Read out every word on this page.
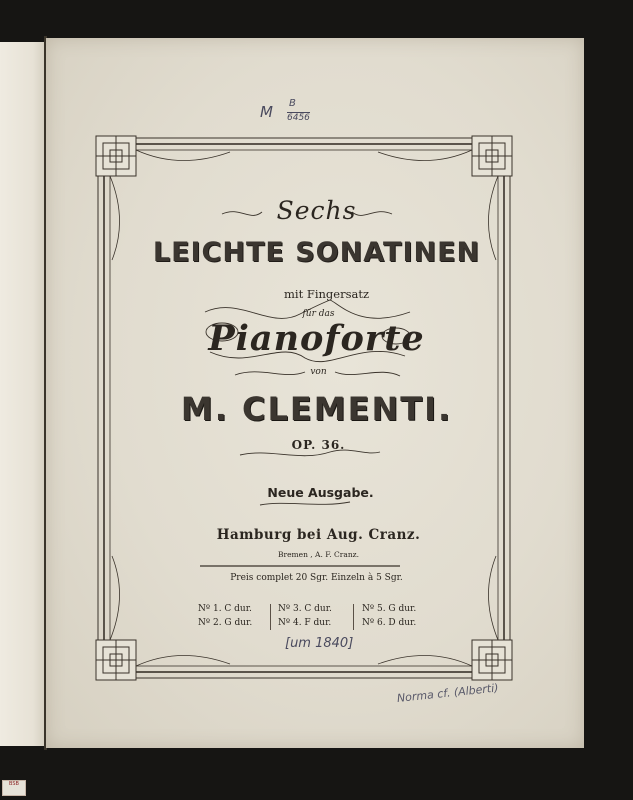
Sechs
LEICHTE SONATINEN
mit Fingersatz
für das
Pianoforte
von
M. CLEMENTI.
OP. 36.
Neue Ausgabe.
Hamburg bei Aug. Cranz.
Bremen , A. F. Cranz.
Preis complet 20 Sgr. Einzeln à 5 Sgr.
Nº 1. C dur.
Nº 2. G dur.
Nº 3. C dur.
Nº 4. F dur.
Nº 5. G dur.
Nº 6. D dur.
M B
6456
[um 1840]
Norma cf. (Alberti)
BSB
